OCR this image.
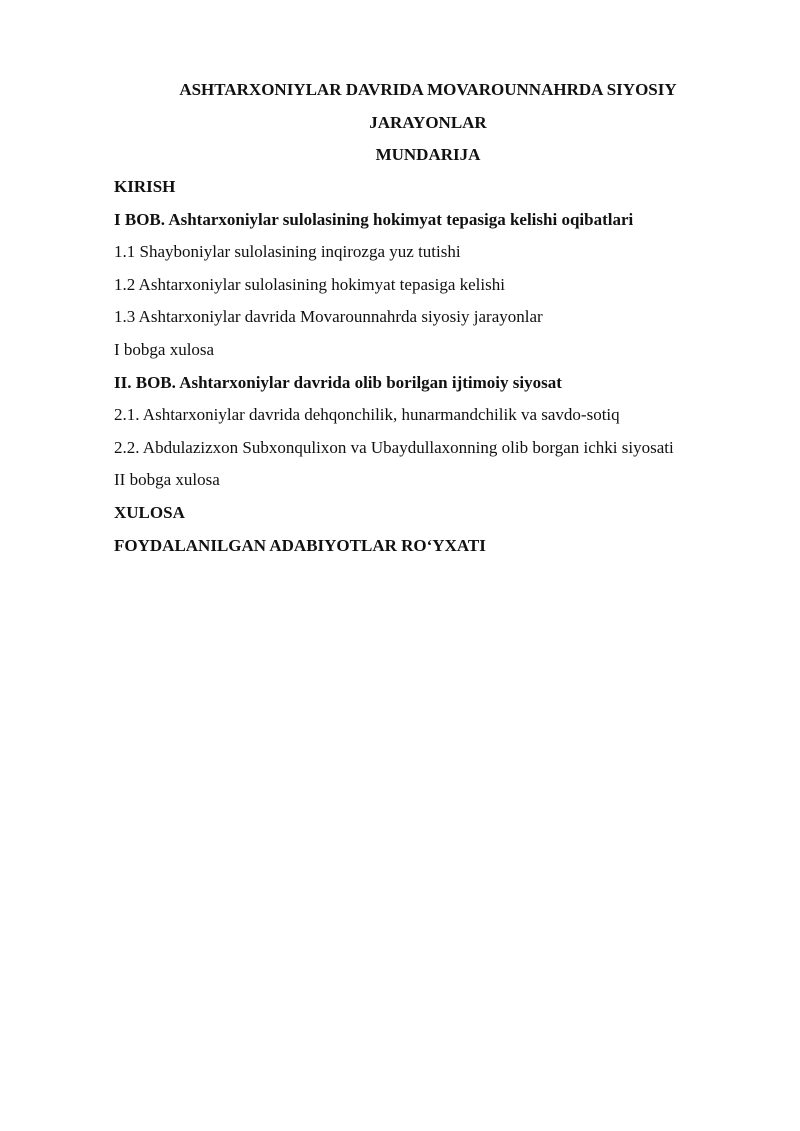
ASHTARXONIYLAR DAVRIDA MOVAROUNNAHRDA SIYOSIY
JARAYONLAR
MUNDARIJA
KIRISH
I BOB. Ashtarxoniylar sulolasining hokimyat tepasiga kelishi oqibatlari
1.1 Shayboniylar sulolasining inqirozga yuz tutishi
1.2 Ashtarxoniylar sulolasining hokimyat tepasiga kelishi
1.3 Ashtarxoniylar davrida Movarounnahrda siyosiy jarayonlar
I bobga xulosa
II. BOB. Ashtarxoniylar davrida olib borilgan ijtimoiy siyosat
2.1. Ashtarxoniylar davrida dehqonchilik, hunarmandchilik va savdo-sotiq
2.2. Abdulazizxon Subxonqulixon va Ubaydullaxonning olib borgan ichki siyosati
II bobga xulosa
XULOSA
FOYDALANILGAN ADABIYOTLAR RO‘YXATI
